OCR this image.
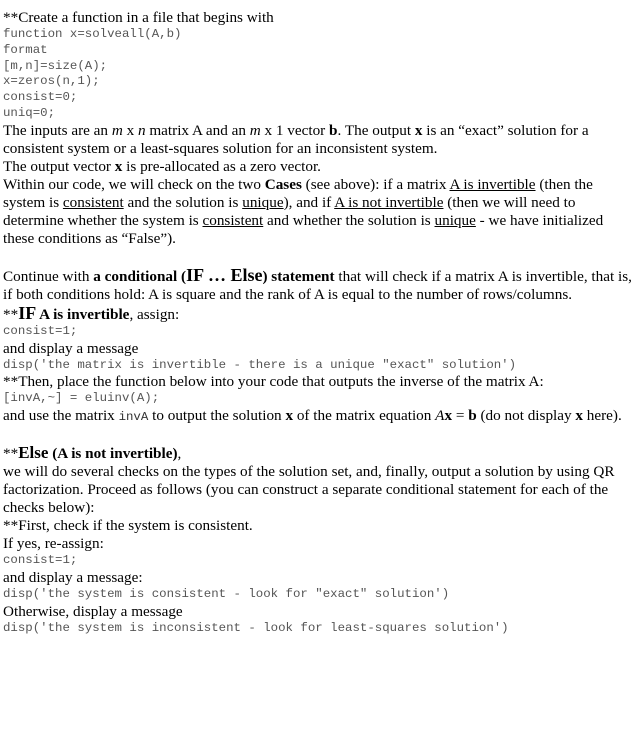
**Create a function in a file that begins with

function x=solveall(A,b)
format
[m,n]=size(A);
x=zeros(n,1);
consist=0;
uniq=0;

The inputs are an m x n matrix A and an m x 1 vector b. The output x is an “exact” solution for a consistent system or a least-squares solution for an inconsistent system.

The output vector x is pre-allocated as a zero vector.

Within our code, we will check on the two Cases (see above): if a matrix A is invertible (then the system is consistent and the solution is unique), and if A is not invertible (then we will need to determine whether the system is consistent and whether the solution is unique - we have initialized these conditions as “False”).

Continue with a conditional (IF … Else) statement that will check if a matrix A is invertible, that is, if both conditions hold: A is square and the rank of A is equal to the number of rows/columns.

**IF A is invertible, assign:

consist=1;

and display a message

disp('the matrix is invertible - there is a unique "exact" solution')

**Then, place the function below into your code that outputs the inverse of the matrix A:

[invA,~] = eluinv(A);

and use the matrix invA to output the solution x of the matrix equation Ax = b (do not display x here).

**Else (A is not invertible),

we will do several checks on the types of the solution set, and, finally, output a solution by using QR factorization. Proceed as follows (you can construct a separate conditional statement for each of the checks below):

**First, check if the system is consistent.

If yes, re-assign:

consist=1;

and display a message:

disp('the system is consistent - look for "exact" solution')

Otherwise, display a message

disp('the system is inconsistent - look for least-squares solution')
